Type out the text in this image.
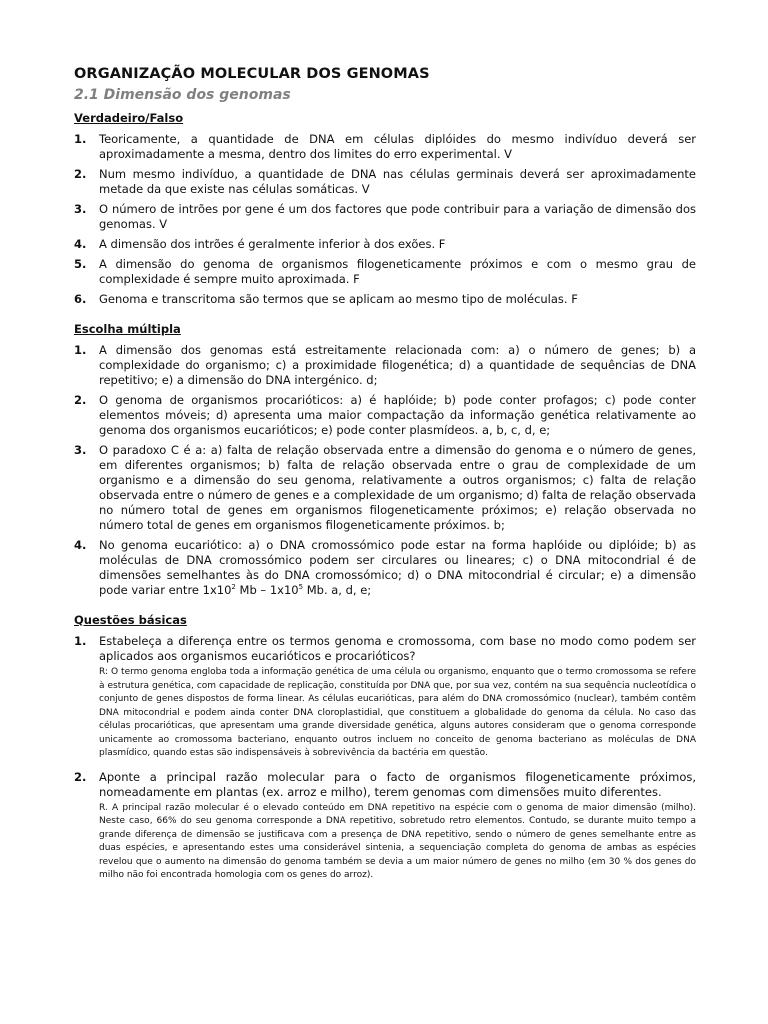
ORGANIZAÇÃO MOLECULAR DOS GENOMAS
2.1 Dimensão dos genomas
Verdadeiro/Falso
1. Teoricamente, a quantidade de DNA em células diplóides do mesmo indivíduo deverá ser aproximadamente a mesma, dentro dos limites do erro experimental. V
2. Num mesmo indivíduo, a quantidade de DNA nas células germinais deverá ser aproximadamente metade da que existe nas células somáticas. V
3. O número de intrões por gene é um dos factores que pode contribuir para a variação de dimensão dos genomas. V
4. A dimensão dos intrões é geralmente inferior à dos exões. F
5. A dimensão do genoma de organismos filogeneticamente próximos e com o mesmo grau de complexidade é sempre muito aproximada. F
6. Genoma e transcritoma são termos que se aplicam ao mesmo tipo de moléculas. F
Escolha múltipla
1. A dimensão dos genomas está estreitamente relacionada com: a) o número de genes; b) a complexidade do organismo; c) a proximidade filogenética; d) a quantidade de sequências de DNA repetitivo; e) a dimensão do DNA intergénico. d;
2. O genoma de organismos procarióticos: a) é haplóide; b) pode conter profagos; c) pode conter elementos móveis; d) apresenta uma maior compactação da informação genética relativamente ao genoma dos organismos eucarióticos; e) pode conter plasmídeos. a, b, c, d, e;
3. O paradoxo C é a: a) falta de relação observada entre a dimensão do genoma e o número de genes, em diferentes organismos; b) falta de relação observada entre o grau de complexidade de um organismo e a dimensão do seu genoma, relativamente a outros organismos; c) falta de relação observada entre o número de genes e a complexidade de um organismo; d) falta de relação observada no número total de genes em organismos filogeneticamente próximos; e) relação observada no número total de genes em organismos filogeneticamente próximos. b;
4. No genoma eucariótico: a) o DNA cromossómico pode estar na forma haplóide ou diplóide; b) as moléculas de DNA cromossómico podem ser circulares ou lineares; c) o DNA mitocondrial é de dimensões semelhantes às do DNA cromossómico; d) o DNA mitocondrial é circular; e) a dimensão pode variar entre $1x10^2$ Mb – $1x10^5$ Mb. a, d, e;
Questões básicas
1. Estabeleça a diferença entre os termos genoma e cromossoma, com base no modo como podem ser aplicados aos organismos eucarióticos e procarióticos?
R: O termo genoma engloba toda a informação genética de uma célula ou organismo, enquanto que o termo cromossoma se refere à estrutura genética, com capacidade de replicação, constituída por DNA que, por sua vez, contém na sua sequência nucleotídica o conjunto de genes dispostos de forma linear. As células eucarióticas, para além do DNA cromossómico (nuclear), também contêm DNA mitocondrial e podem ainda conter DNA cloroplastidial, que constituem a globalidade do genoma da célula. No caso das células procarióticas, que apresentam uma grande diversidade genética, alguns autores consideram que o genoma corresponde unicamente ao cromossoma bacteriano, enquanto outros incluem no conceito de genoma bacteriano as moléculas de DNA plasmídico, quando estas são indispensáveis à sobrevivência da bactéria em questão.
2. Aponte a principal razão molecular para o facto de organismos filogeneticamente próximos, nomeadamente em plantas (ex. arroz e milho), terem genomas com dimensões muito diferentes.
R. A principal razão molecular é o elevado conteúdo em DNA repetitivo na espécie com o genoma de maior dimensão (milho). Neste caso, 66% do seu genoma corresponde a DNA repetitivo, sobretudo retro elementos. Contudo, se durante muito tempo a grande diferença de dimensão se justificava com a presença de DNA repetitivo, sendo o número de genes semelhante entre as duas espécies, e apresentando estes uma considerável sintenia, a sequenciação completa do genoma de ambas as espécies revelou que o aumento na dimensão do genoma também se devia a um maior número de genes no milho (em 30 % dos genes do milho não foi encontrada homologia com os genes do arroz).
